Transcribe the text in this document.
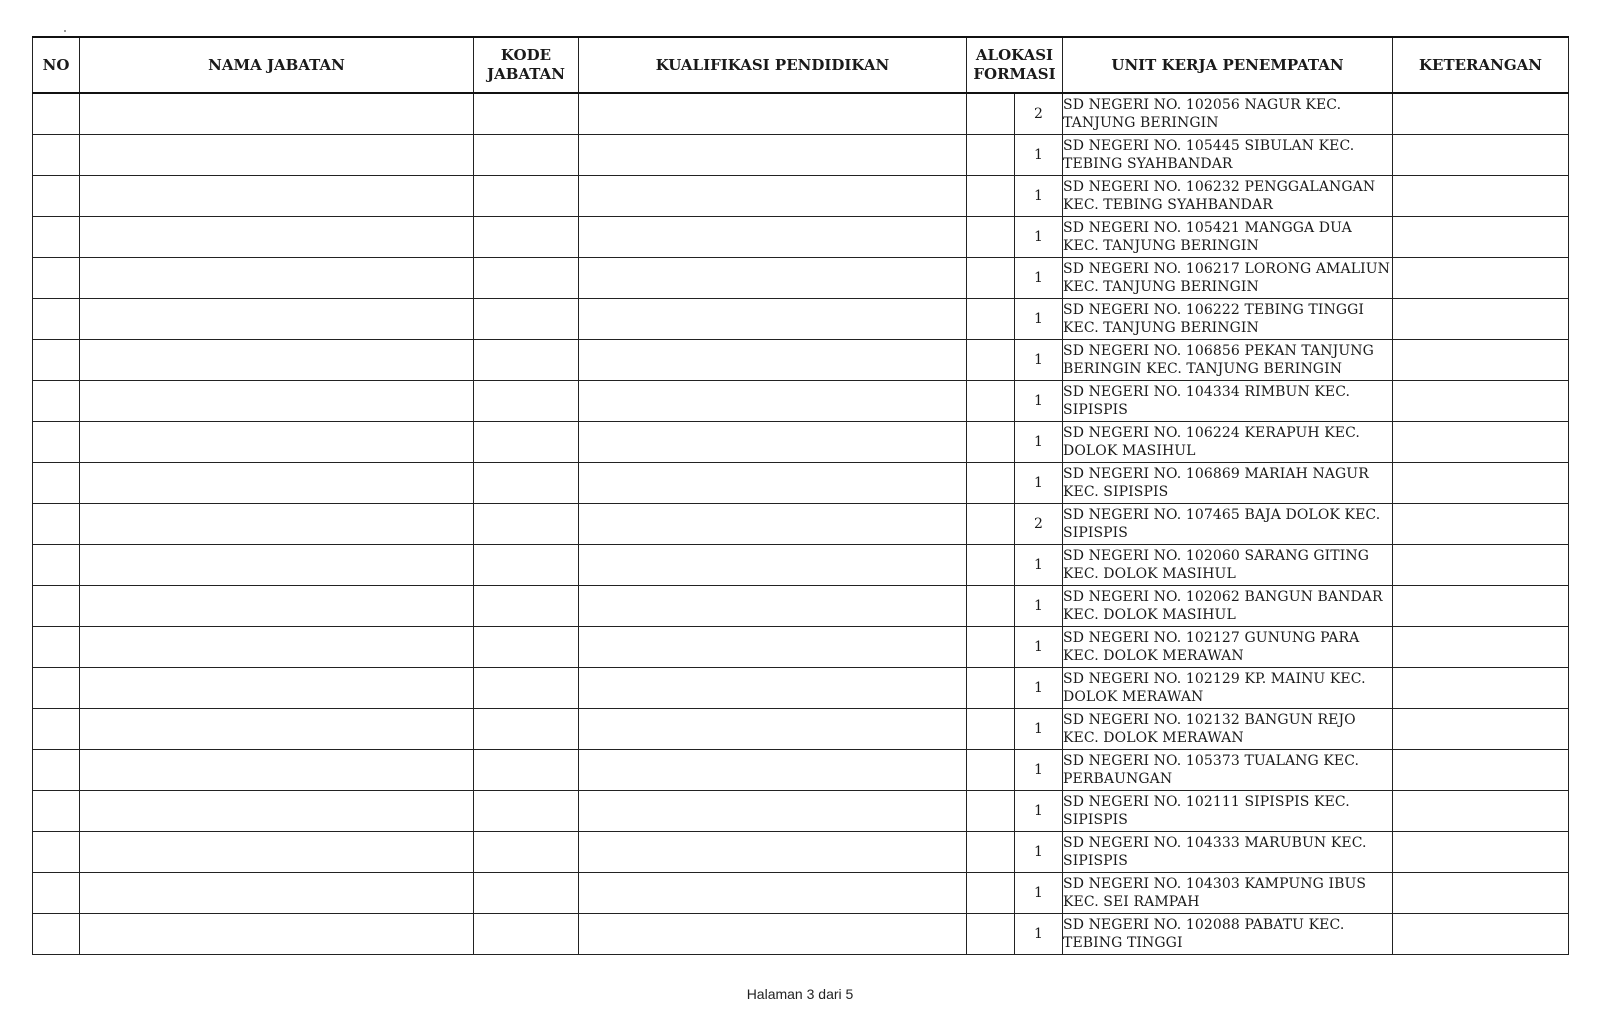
NO	NAMA JABATAN	KODE
JABATAN	KUALIFIKASI PENDIDIKAN	ALOKASI
FORMASI		UNIT KERJA PENEMPATAN	KETERANGAN
					2	SD NEGERI NO. 102056 NAGUR KEC.
TANJUNG BERINGIN	
					1	SD NEGERI NO. 105445 SIBULAN KEC.
TEBING SYAHBANDAR	
					1	SD NEGERI NO. 106232 PENGGALANGAN
KEC. TEBING SYAHBANDAR	
					1	SD NEGERI NO. 105421 MANGGA DUA
KEC. TANJUNG BERINGIN	
					1	SD NEGERI NO. 106217 LORONG AMALIUN
KEC. TANJUNG BERINGIN	
					1	SD NEGERI NO. 106222 TEBING TINGGI
KEC. TANJUNG BERINGIN	
					1	SD NEGERI NO. 106856 PEKAN TANJUNG
BERINGIN KEC. TANJUNG BERINGIN	
					1	SD NEGERI NO. 104334 RIMBUN KEC.
SIPISPIS	
					1	SD NEGERI NO. 106224 KERAPUH KEC.
DOLOK MASIHUL	
					1	SD NEGERI NO. 106869 MARIAH NAGUR
KEC. SIPISPIS	
					2	SD NEGERI NO. 107465 BAJA DOLOK KEC.
SIPISPIS	
					1	SD NEGERI NO. 102060 SARANG GITING
KEC. DOLOK MASIHUL	
					1	SD NEGERI NO. 102062 BANGUN BANDAR
KEC. DOLOK MASIHUL	
					1	SD NEGERI NO. 102127 GUNUNG PARA
KEC. DOLOK MERAWAN	
					1	SD NEGERI NO. 102129 KP. MAINU KEC.
DOLOK MERAWAN	
					1	SD NEGERI NO. 102132 BANGUN REJO
KEC. DOLOK MERAWAN	
					1	SD NEGERI NO. 105373 TUALANG KEC.
PERBAUNGAN	
					1	SD NEGERI NO. 102111 SIPISPIS KEC.
SIPISPIS	
					1	SD NEGERI NO. 104333 MARUBUN KEC.
SIPISPIS	
					1	SD NEGERI NO. 104303 KAMPUNG IBUS
KEC. SEI RAMPAH	
					1	SD NEGERI NO. 102088 PABATU KEC.
TEBING TINGGI	
Halaman 3 dari 5
